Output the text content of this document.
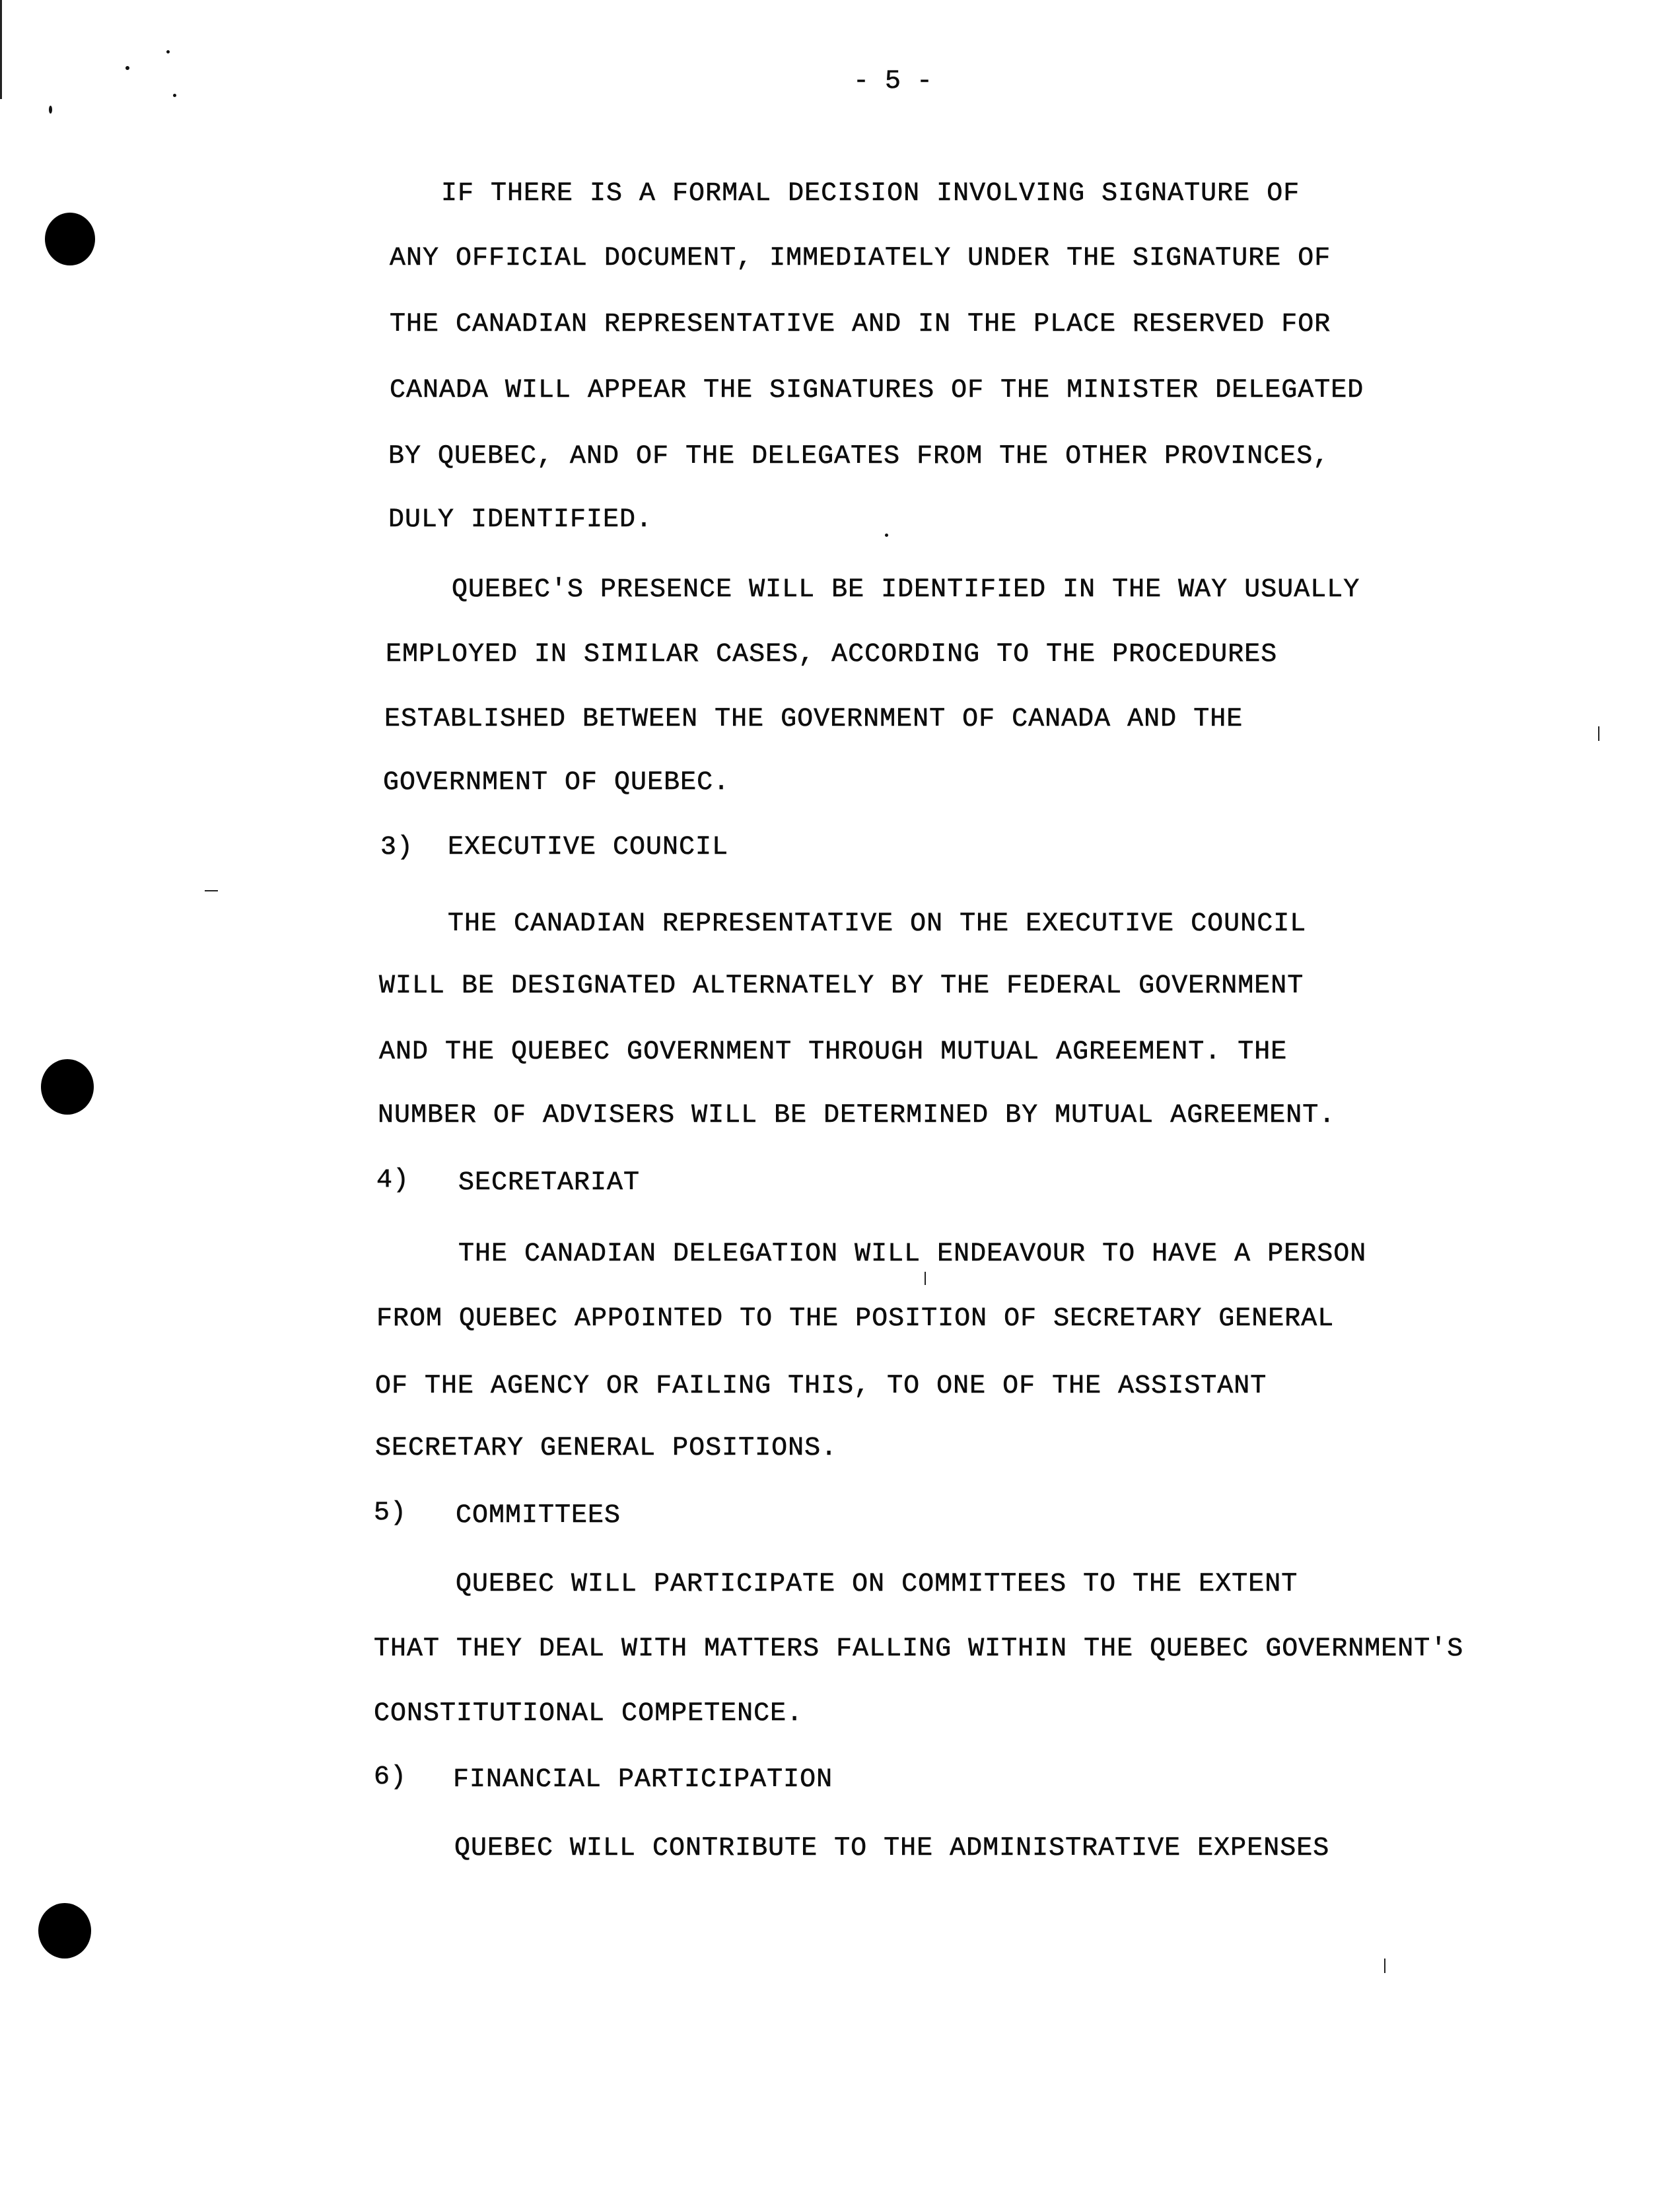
- 5 -

IF THERE IS A FORMAL DECISION INVOLVING SIGNATURE OF

ANY OFFICIAL DOCUMENT, IMMEDIATELY UNDER THE SIGNATURE OF

THE CANADIAN REPRESENTATIVE AND IN THE PLACE RESERVED FOR

CANADA WILL APPEAR THE SIGNATURES OF THE MINISTER DELEGATED

BY QUEBEC, AND OF THE DELEGATES FROM THE OTHER PROVINCES,

DULY IDENTIFIED.

QUEBEC'S PRESENCE WILL BE IDENTIFIED IN THE WAY USUALLY

EMPLOYED IN SIMILAR CASES, ACCORDING TO THE PROCEDURES

ESTABLISHED BETWEEN THE GOVERNMENT OF CANADA AND THE

GOVERNMENT OF QUEBEC.

3) EXECUTIVE COUNCIL

THE CANADIAN REPRESENTATIVE ON THE EXECUTIVE COUNCIL

WILL BE DESIGNATED ALTERNATELY BY THE FEDERAL GOVERNMENT

AND THE QUEBEC GOVERNMENT THROUGH MUTUAL AGREEMENT. THE

NUMBER OF ADVISERS WILL BE DETERMINED BY MUTUAL AGREEMENT.

4) SECRETARIAT

THE CANADIAN DELEGATION WILL ENDEAVOUR TO HAVE A PERSON

FROM QUEBEC APPOINTED TO THE POSITION OF SECRETARY GENERAL

OF THE AGENCY OR FAILING THIS, TO ONE OF THE ASSISTANT

SECRETARY GENERAL POSITIONS.

5) COMMITTEES

QUEBEC WILL PARTICIPATE ON COMMITTEES TO THE EXTENT

THAT THEY DEAL WITH MATTERS FALLING WITHIN THE QUEBEC GOVERNMENT'S

CONSTITUTIONAL COMPETENCE.

6) FINANCIAL PARTICIPATION

QUEBEC WILL CONTRIBUTE TO THE ADMINISTRATIVE EXPENSES
